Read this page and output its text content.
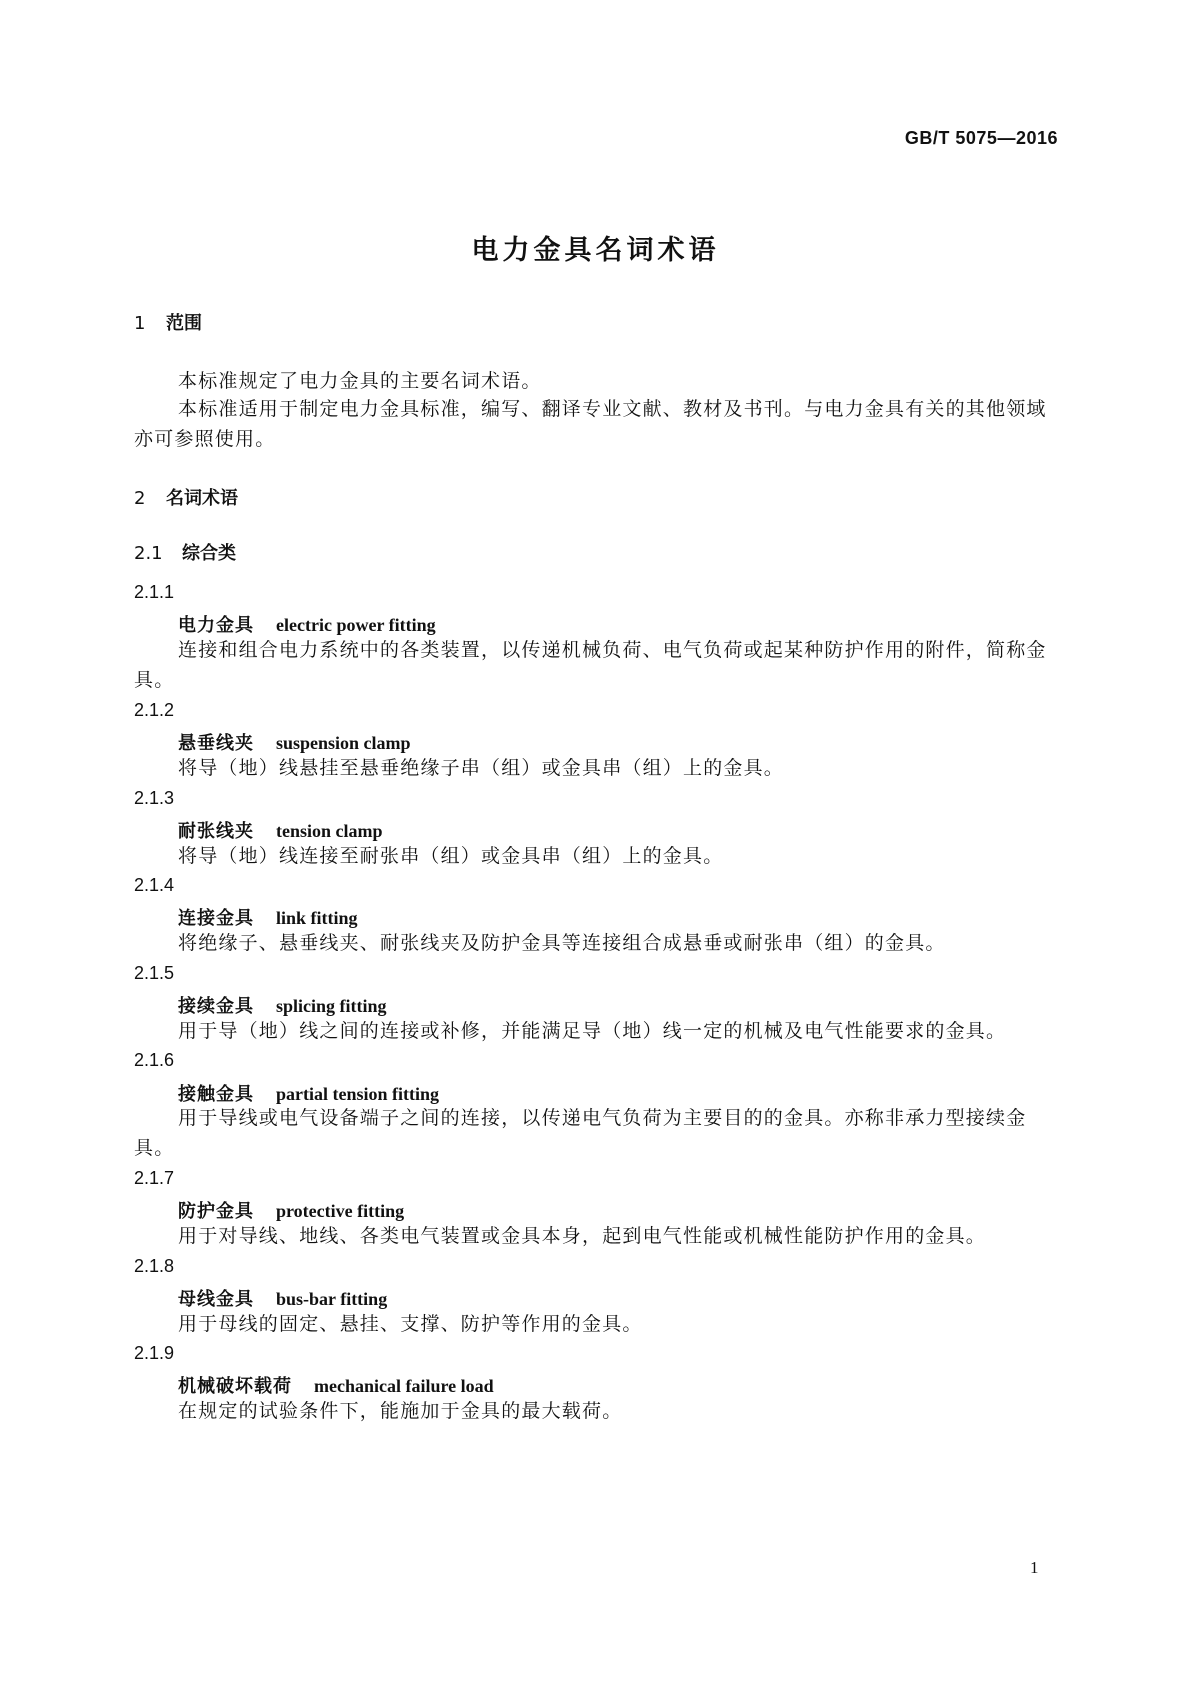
GB/T 5075—2016
电力金具名词术语
1 范围
本标准规定了电力金具的主要名词术语。

本标准适用于制定电力金具标准，编写、翻译专业文献、教材及书刊。与电力金具有关的其他领域亦可参照使用。

2 名词术语
2.1 综合类
2.1.1
电力金具 electric power fitting

连接和组合电力系统中的各类装置，以传递机械负荷、电气负荷或起某种防护作用的附件，简称金具。

2.1.2
悬垂线夹 suspension clamp

将导（地）线悬挂至悬垂绝缘子串（组）或金具串（组）上的金具。

2.1.3
耐张线夹 tension clamp

将导（地）线连接至耐张串（组）或金具串（组）上的金具。

2.1.4
连接金具 link fitting

将绝缘子、悬垂线夹、耐张线夹及防护金具等连接组合成悬垂或耐张串（组）的金具。

2.1.5
接续金具 splicing fitting

用于导（地）线之间的连接或补修，并能满足导（地）线一定的机械及电气性能要求的金具。

2.1.6
接触金具 partial tension fitting

用于导线或电气设备端子之间的连接，以传递电气负荷为主要目的的金具。亦称非承力型接续金具。

2.1.7
防护金具 protective fitting

用于对导线、地线、各类电气装置或金具本身，起到电气性能或机械性能防护作用的金具。

2.1.8
母线金具 bus-bar fitting

用于母线的固定、悬挂、支撑、防护等作用的金具。

2.1.9
机械破坏载荷 mechanical failure load

在规定的试验条件下，能施加于金具的最大载荷。

1
